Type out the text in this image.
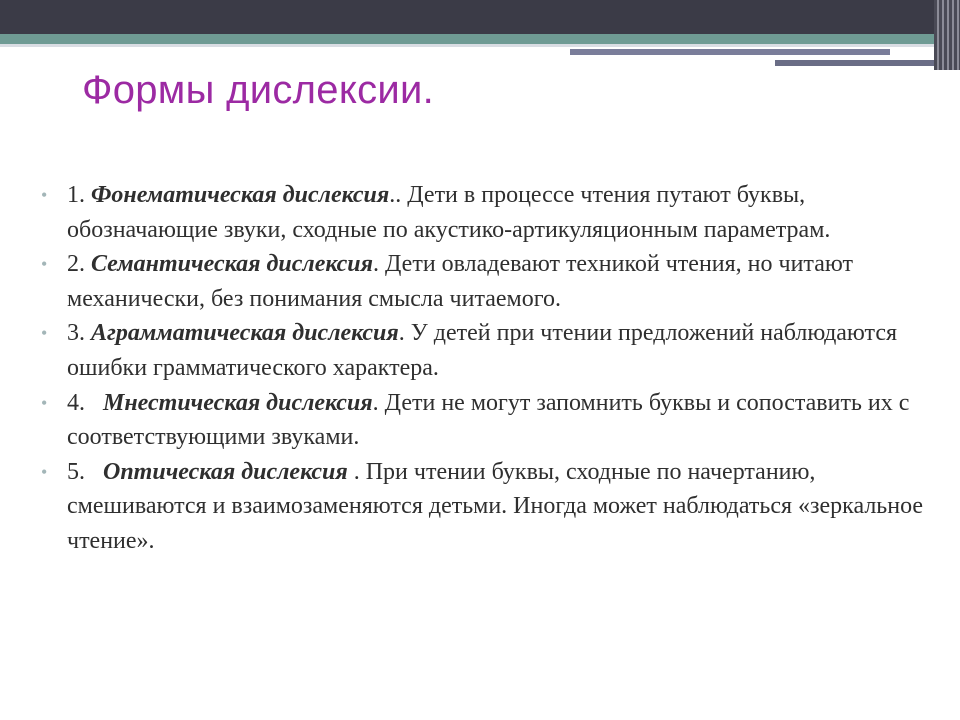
Формы дислексии.
• 1. Фонематическая дислексия.. Дети в процессе чтения путают буквы, обозначающие звуки, сходные по акустико-артикуляционным параметрам.
• 2. Семантическая дислексия. Дети овладевают техникой чтения, но читают механически, без понимания смысла читаемого.
• 3. Аграмматическая дислексия. У детей при чтении предложений наблюдаются ошибки грамматического характера.
• 4.   Мнестическая дислексия. Дети не могут запомнить буквы и сопоставить их с соответствующими звуками.
• 5.   Оптическая дислексия . При чтении буквы, сходные по начертанию, смешиваются и взаимозаменяются детьми. Иногда может наблюдаться «зеркальное чтение».
